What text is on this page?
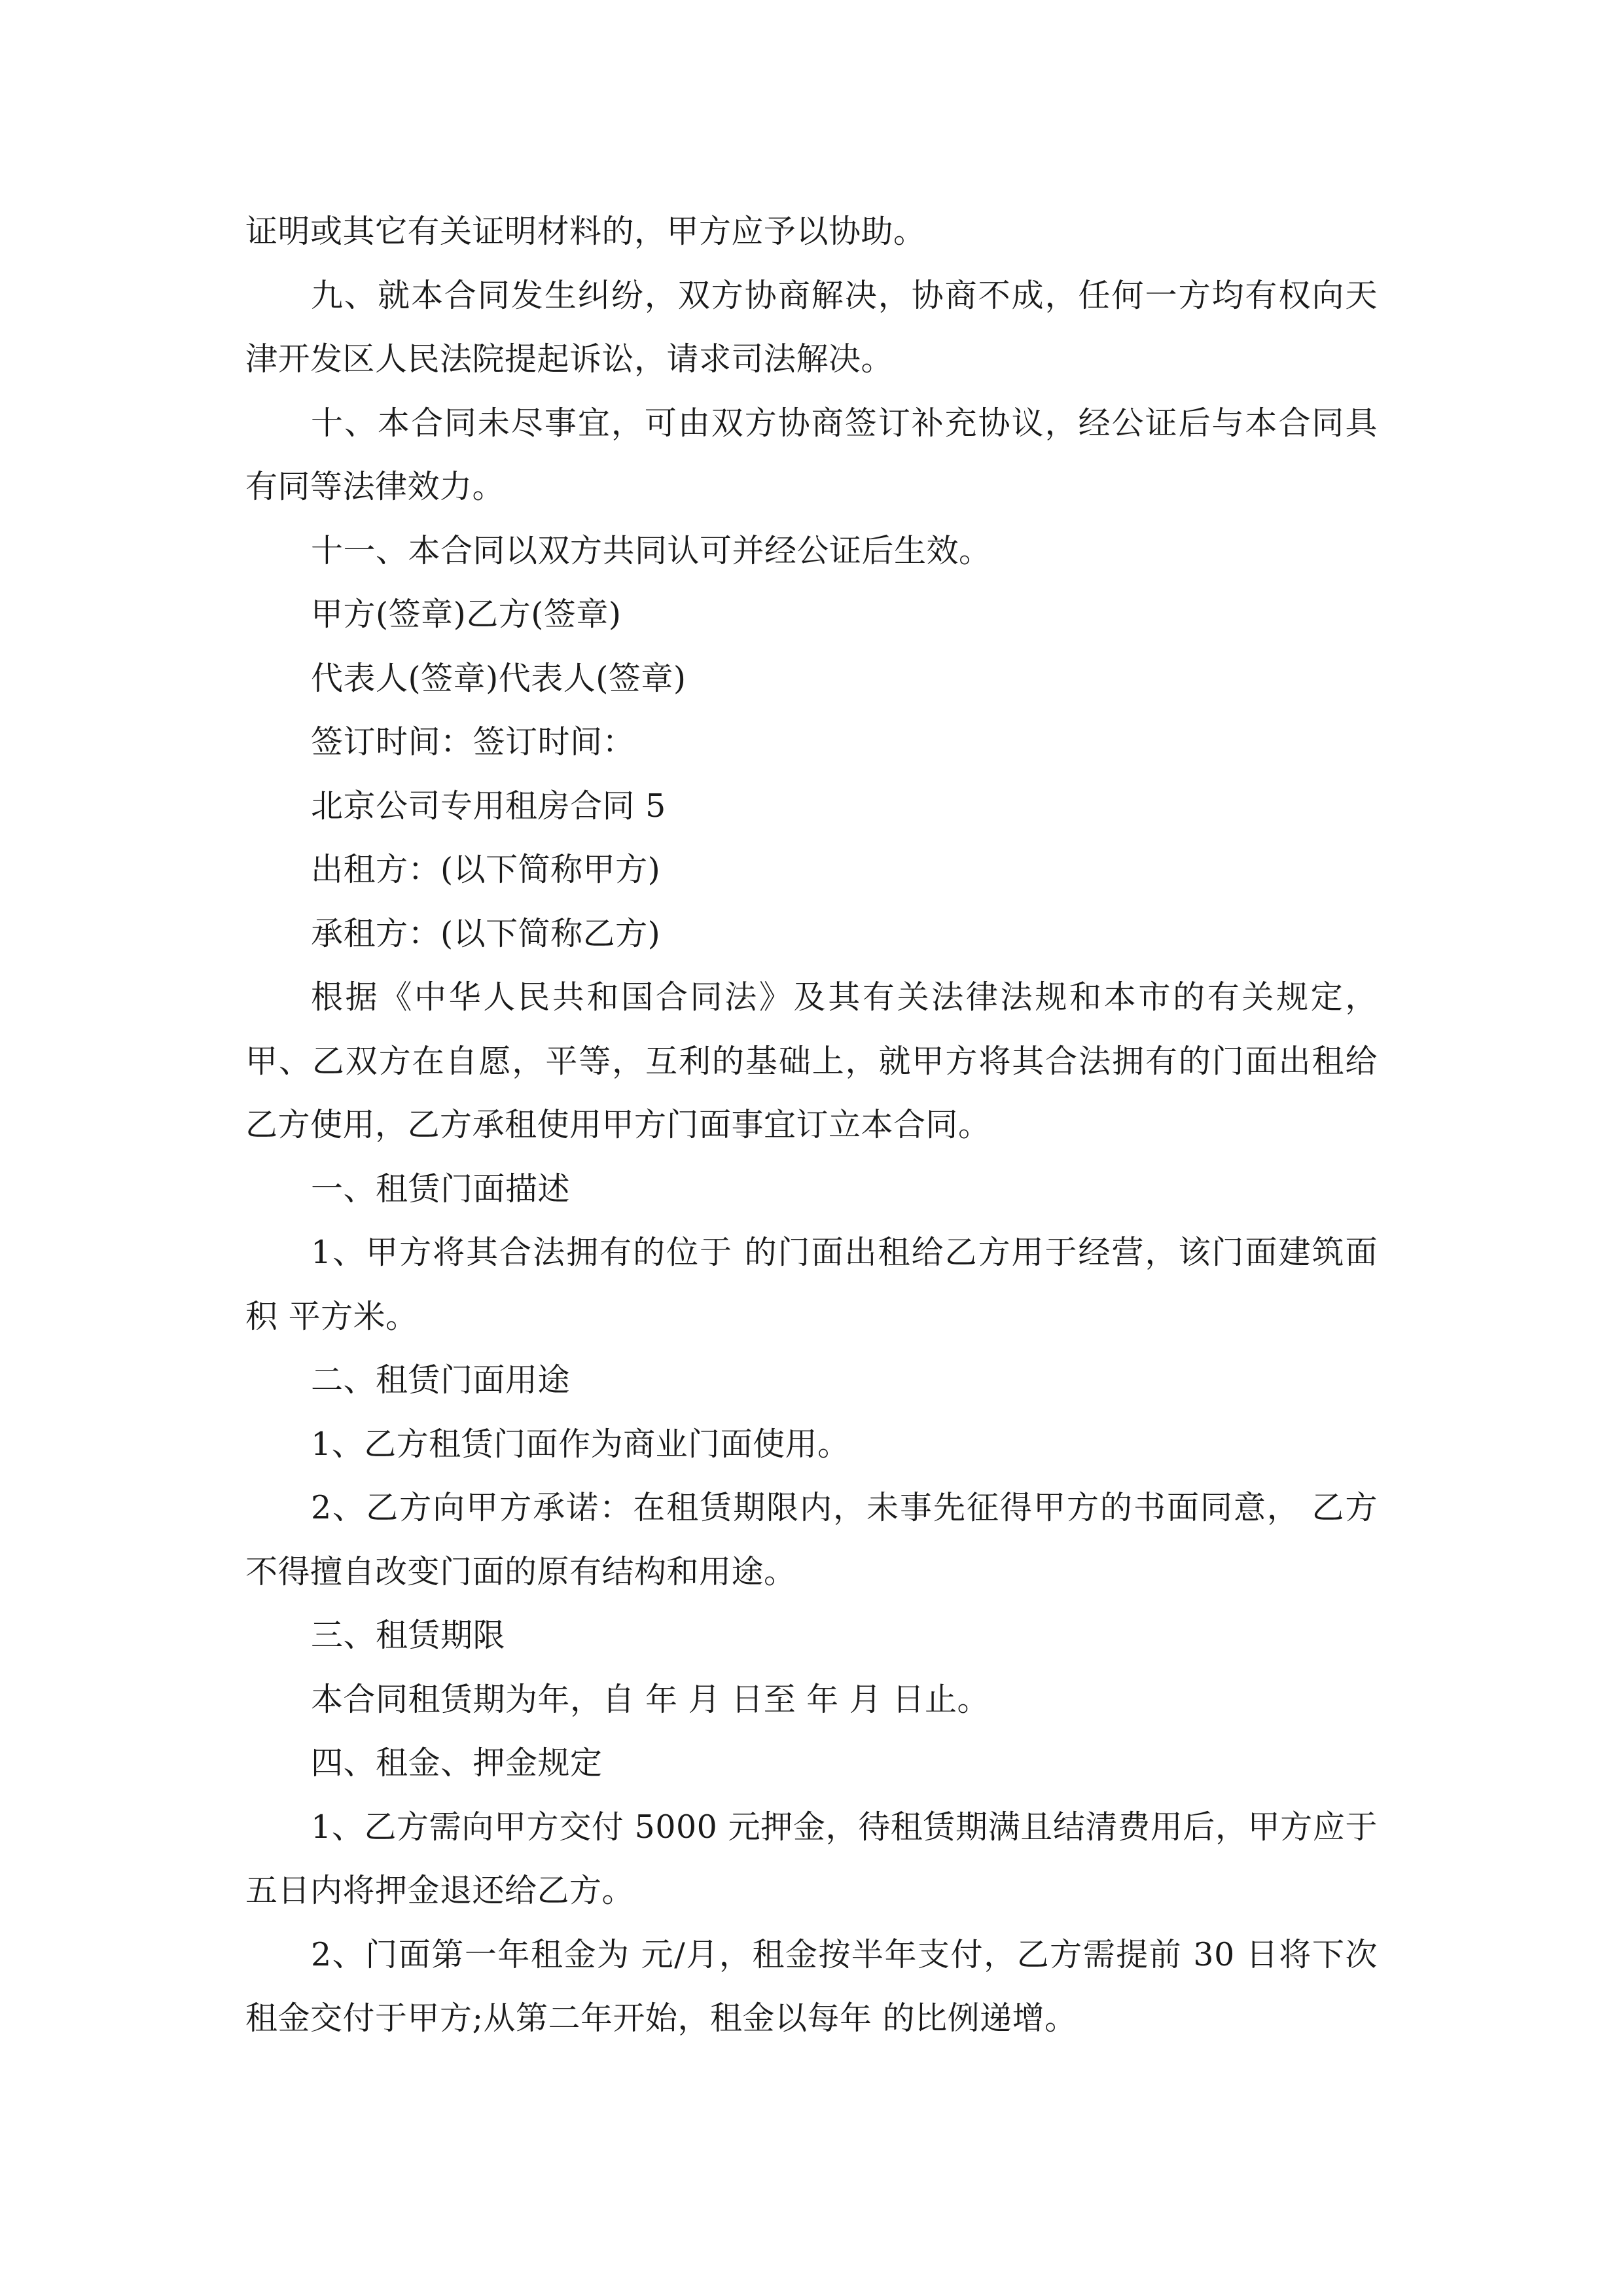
证明或其它有关证明材料的，甲方应予以协助。

九、就本合同发生纠纷，双方协商解决，协商不成，任何一方均有权向天津开发区人民法院提起诉讼，请求司法解决。

十、本合同未尽事宜，可由双方协商签订补充协议，经公证后与本合同具有同等法律效力。

十一、本合同以双方共同认可并经公证后生效。

甲方(签章)乙方(签章)

代表人(签章)代表人(签章)

签订时间：签订时间：

北京公司专用租房合同 5

出租方：(以下简称甲方)

承租方：(以下简称乙方)

根据《中华人民共和国合同法》及其有关法律法规和本市的有关规定，甲、乙双方在自愿，平等，互利的基础上，就甲方将其合法拥有的门面出租给乙方使用，乙方承租使用甲方门面事宜订立本合同。

一、租赁门面描述

1、甲方将其合法拥有的位于 的门面出租给乙方用于经营，该门面建筑面积 平方米。

二、租赁门面用途

1、乙方租赁门面作为商业门面使用。

2、乙方向甲方承诺：在租赁期限内，未事先征得甲方的书面同意， 乙方不得擅自改变门面的原有结构和用途。

三、租赁期限

本合同租赁期为年，自 年 月 日至 年 月 日止。

四、租金、押金规定

1、乙方需向甲方交付 5000 元押金，待租赁期满且结清费用后，甲方应于五日内将押金退还给乙方。

2、门面第一年租金为 元/月，租金按半年支付，乙方需提前 30 日将下次租金交付于甲方;从第二年开始，租金以每年 的比例递增。
